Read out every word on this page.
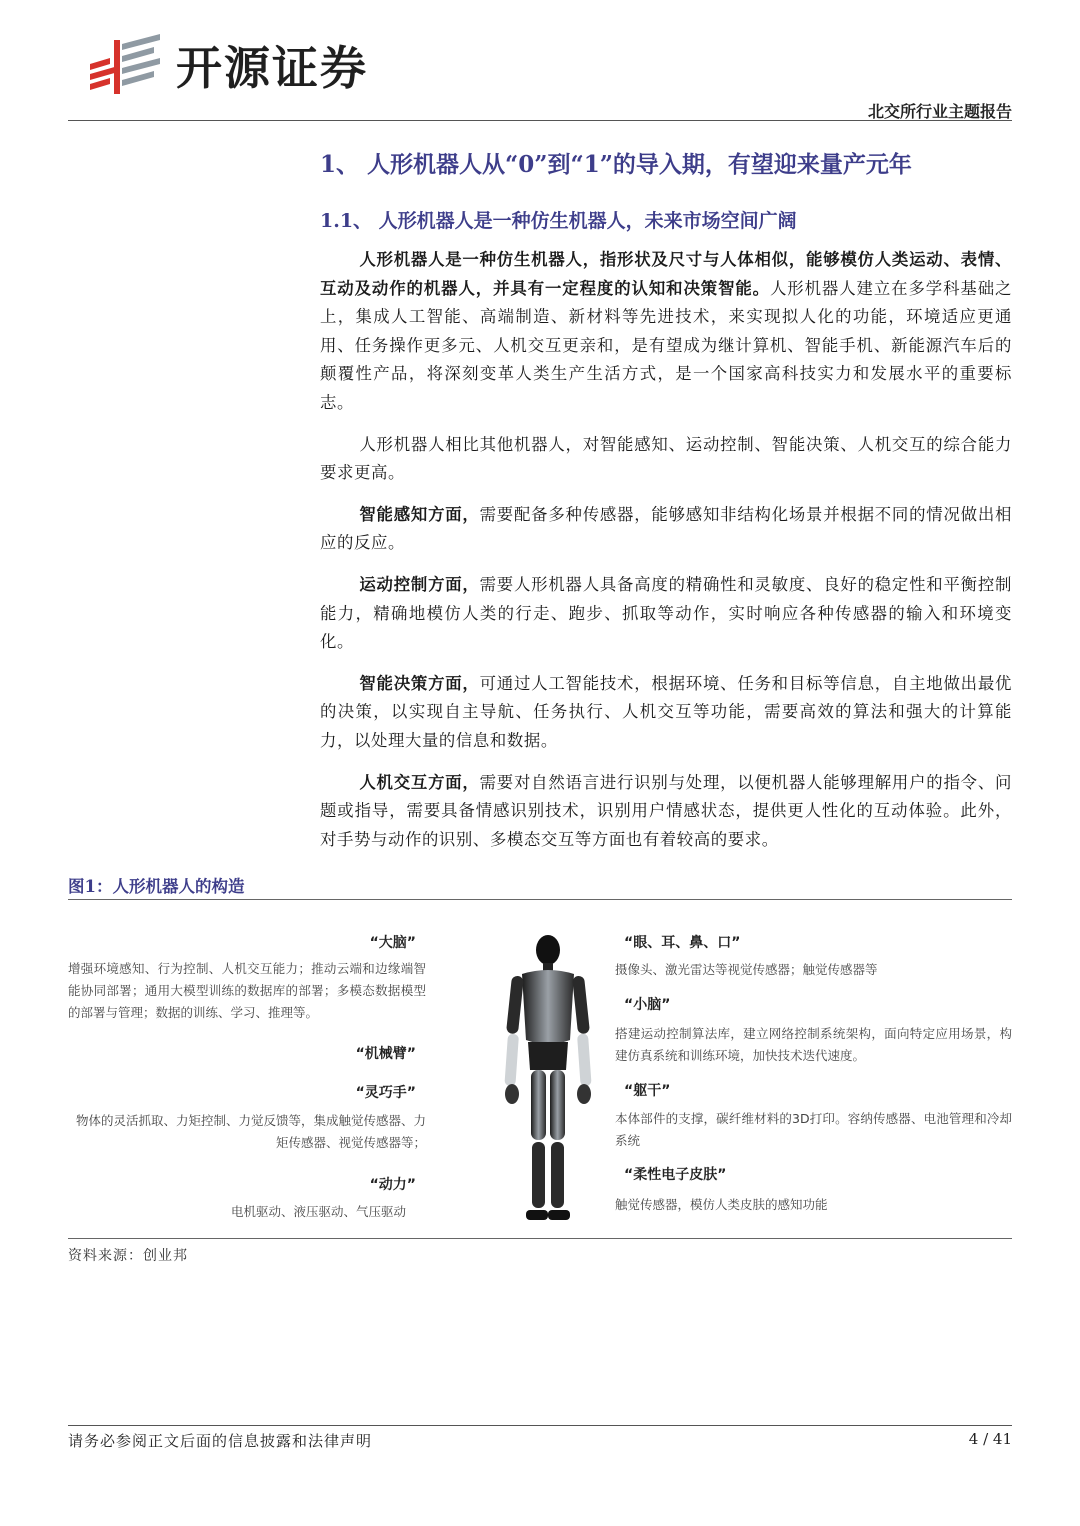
开源证券
北交所行业主题报告
1、 人形机器人从“0”到“1”的导入期，有望迎来量产元年
1.1、 人形机器人是一种仿生机器人，未来市场空间广阔

人形机器人是一种仿生机器人，指形状及尺寸与人体相似，能够模仿人类运动、表情、互动及动作的机器人，并具有一定程度的认知和决策智能。人形机器人建立在多学科基础之上，集成人工智能、高端制造、新材料等先进技术，来实现拟人化的功能，环境适应更通用、任务操作更多元、人机交互更亲和，是有望成为继计算机、智能手机、新能源汽车后的颠覆性产品，将深刻变革人类生产生活方式，是一个国家高科技实力和发展水平的重要标志。

人形机器人相比其他机器人，对智能感知、运动控制、智能决策、人机交互的综合能力要求更高。

智能感知方面，需要配备多种传感器，能够感知非结构化场景并根据不同的情况做出相应的反应。

运动控制方面，需要人形机器人具备高度的精确性和灵敏度、良好的稳定性和平衡控制能力，精确地模仿人类的行走、跑步、抓取等动作，实时响应各种传感器的输入和环境变化。

智能决策方面，可通过人工智能技术，根据环境、任务和目标等信息，自主地做出最优的决策，以实现自主导航、任务执行、人机交互等功能，需要高效的算法和强大的计算能力，以处理大量的信息和数据。

人机交互方面，需要对自然语言进行识别与处理，以便机器人能够理解用户的指令、问题或指导，需要具备情感识别技术，识别用户情感状态，提供更人性化的互动体验。此外，对手势与动作的识别、多模态交互等方面也有着较高的要求。

图1：人形机器人的构造
“大脑”
增强环境感知、行为控制、人机交互能力；推动云端和边缘端智能协同部署；通用大模型训练的数据库的部署；多模态数据模型的部署与管理；数据的训练、学习、推理等。
“机械臂”
“灵巧手”
物体的灵活抓取、力矩控制、力觉反馈等，集成触觉传感器、力矩传感器、视觉传感器等；
“动力”
电机驱动、液压驱动、气压驱动
“眼、耳、鼻、口”
摄像头、激光雷达等视觉传感器；触觉传感器等
“小脑”
搭建运动控制算法库，建立网络控制系统架构，面向特定应用场景，构建仿真系统和训练环境，加快技术迭代速度。
“躯干”
本体部件的支撑，碳纤维材料的3D打印。容纳传感器、电池管理和冷却系统
“柔性电子皮肤”
触觉传感器，模仿人类皮肤的感知功能
资料来源：创业邦
请务必参阅正文后面的信息披露和法律声明	4 / 41
